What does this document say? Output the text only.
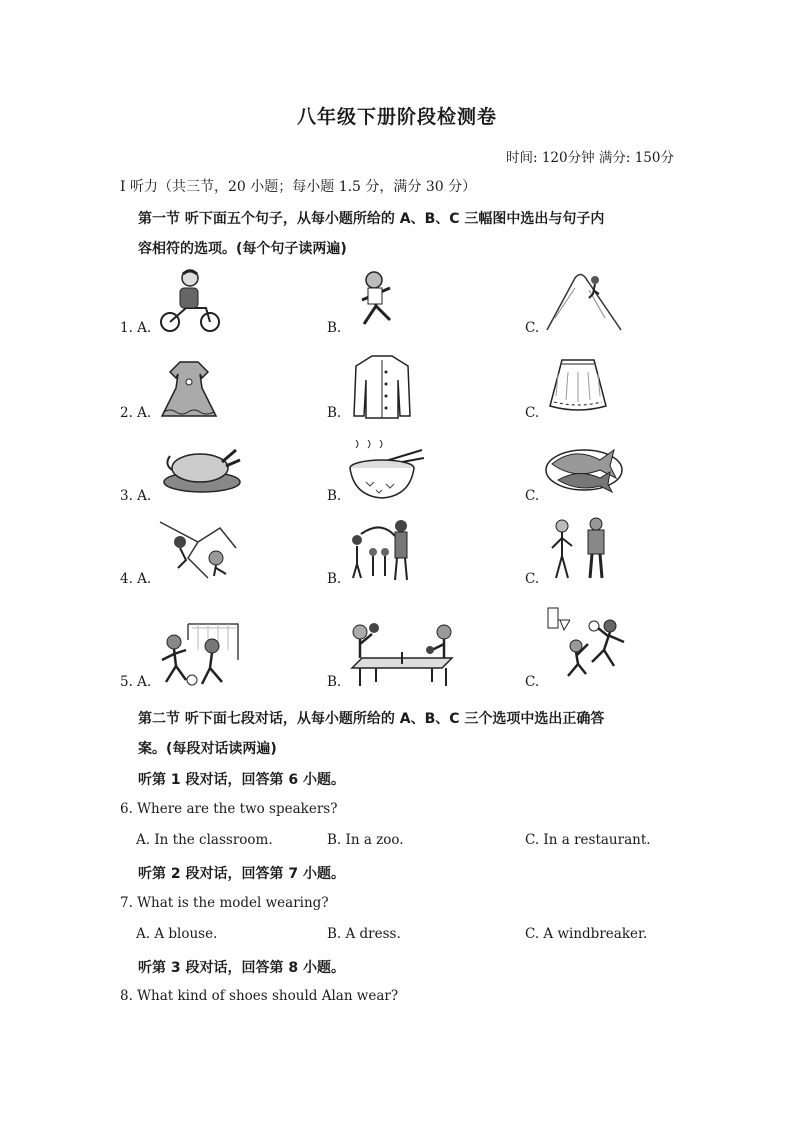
八年级下册阶段检测卷
时间: 120分钟 满分: 150分
I 听力（共三节，20 小题；每小题 1.5 分，满分 30 分）
第一节 听下面五个句子，从每小题所给的 A、B、C 三幅图中选出与句子内
容相符的选项。(每个句子读两遍)
1. A.	B.	C.
2. A.	B.	C.
3. A.	B.	C.
4. A.	B.	C.
5. A.	B.	C.
第二节 听下面七段对话，从每小题所给的 A、B、C 三个选项中选出正确答
案。(每段对话读两遍)
听第 1 段对话，回答第 6 小题。
6. Where are the two speakers?
A. In the classroom.	B. In a zoo.	C. In a restaurant.
听第 2 段对话，回答第 7 小题。
7. What is the model wearing?
A. A blouse.	B. A dress.	C. A windbreaker.
听第 3 段对话，回答第 8 小题。
8. What kind of shoes should Alan wear?
